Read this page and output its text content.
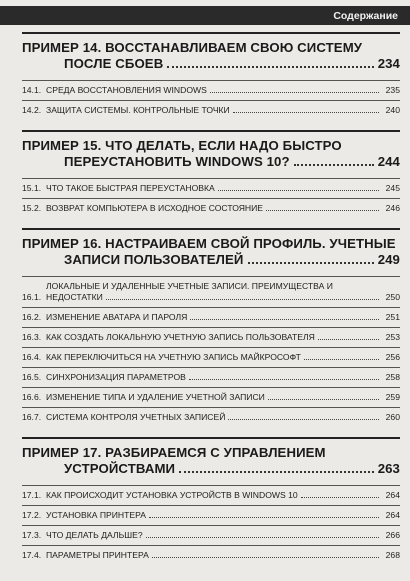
Содержание
ПРИМЕР 14. ВОССТАНАВЛИВАЕМ СВОЮ СИСТЕМУ
ПОСЛЕ СБОЕВ	234
14.1. СРЕДА ВОССТАНОВЛЕНИЯ WINDOWS	235
14.2. ЗАЩИТА СИСТЕМЫ. КОНТРОЛЬНЫЕ ТОЧКИ	240
ПРИМЕР 15. ЧТО ДЕЛАТЬ, ЕСЛИ НАДО БЫСТРО
ПЕРЕУСТАНОВИТЬ WINDOWS 10?	244
15.1. ЧТО ТАКОЕ БЫСТРАЯ ПЕРЕУСТАНОВКА	245
15.2. ВОЗВРАТ КОМПЬЮТЕРА В ИСХОДНОЕ СОСТОЯНИЕ	246
ПРИМЕР 16. НАСТРАИВАЕМ СВОЙ ПРОФИЛЬ. УЧЕТНЫЕ
ЗАПИСИ ПОЛЬЗОВАТЕЛЕЙ	249
16.1.
ЛОКАЛЬНЫЕ И УДАЛЕННЫЕ УЧЕТНЫЕ ЗАПИСИ. ПРЕИМУЩЕСТВА И
НЕДОСТАТКИ	250
16.2. ИЗМЕНЕНИЕ АВАТАРА И ПАРОЛЯ	251
16.3. КАК СОЗДАТЬ ЛОКАЛЬНУЮ УЧЕТНУЮ ЗАПИСЬ ПОЛЬЗОВАТЕЛЯ	253
16.4. КАК ПЕРЕКЛЮЧИТЬСЯ НА УЧЕТНУЮ ЗАПИСЬ МАЙКРОСОФТ	256
16.5. СИНХРОНИЗАЦИЯ ПАРАМЕТРОВ	258
16.6. ИЗМЕНЕНИЕ ТИПА И УДАЛЕНИЕ УЧЕТНОЙ ЗАПИСИ	259
16.7. СИСТЕМА КОНТРОЛЯ УЧЕТНЫХ ЗАПИСЕЙ	260
ПРИМЕР 17. РАЗБИРАЕМСЯ С УПРАВЛЕНИЕМ
УСТРОЙСТВАМИ	263
17.1. КАК ПРОИСХОДИТ УСТАНОВКА УСТРОЙСТВ В WINDOWS 10	264
17.2. УСТАНОВКА ПРИНТЕРА	264
17.3. ЧТО ДЕЛАТЬ ДАЛЬШЕ?	266
17.4. ПАРАМЕТРЫ ПРИНТЕРА	268
